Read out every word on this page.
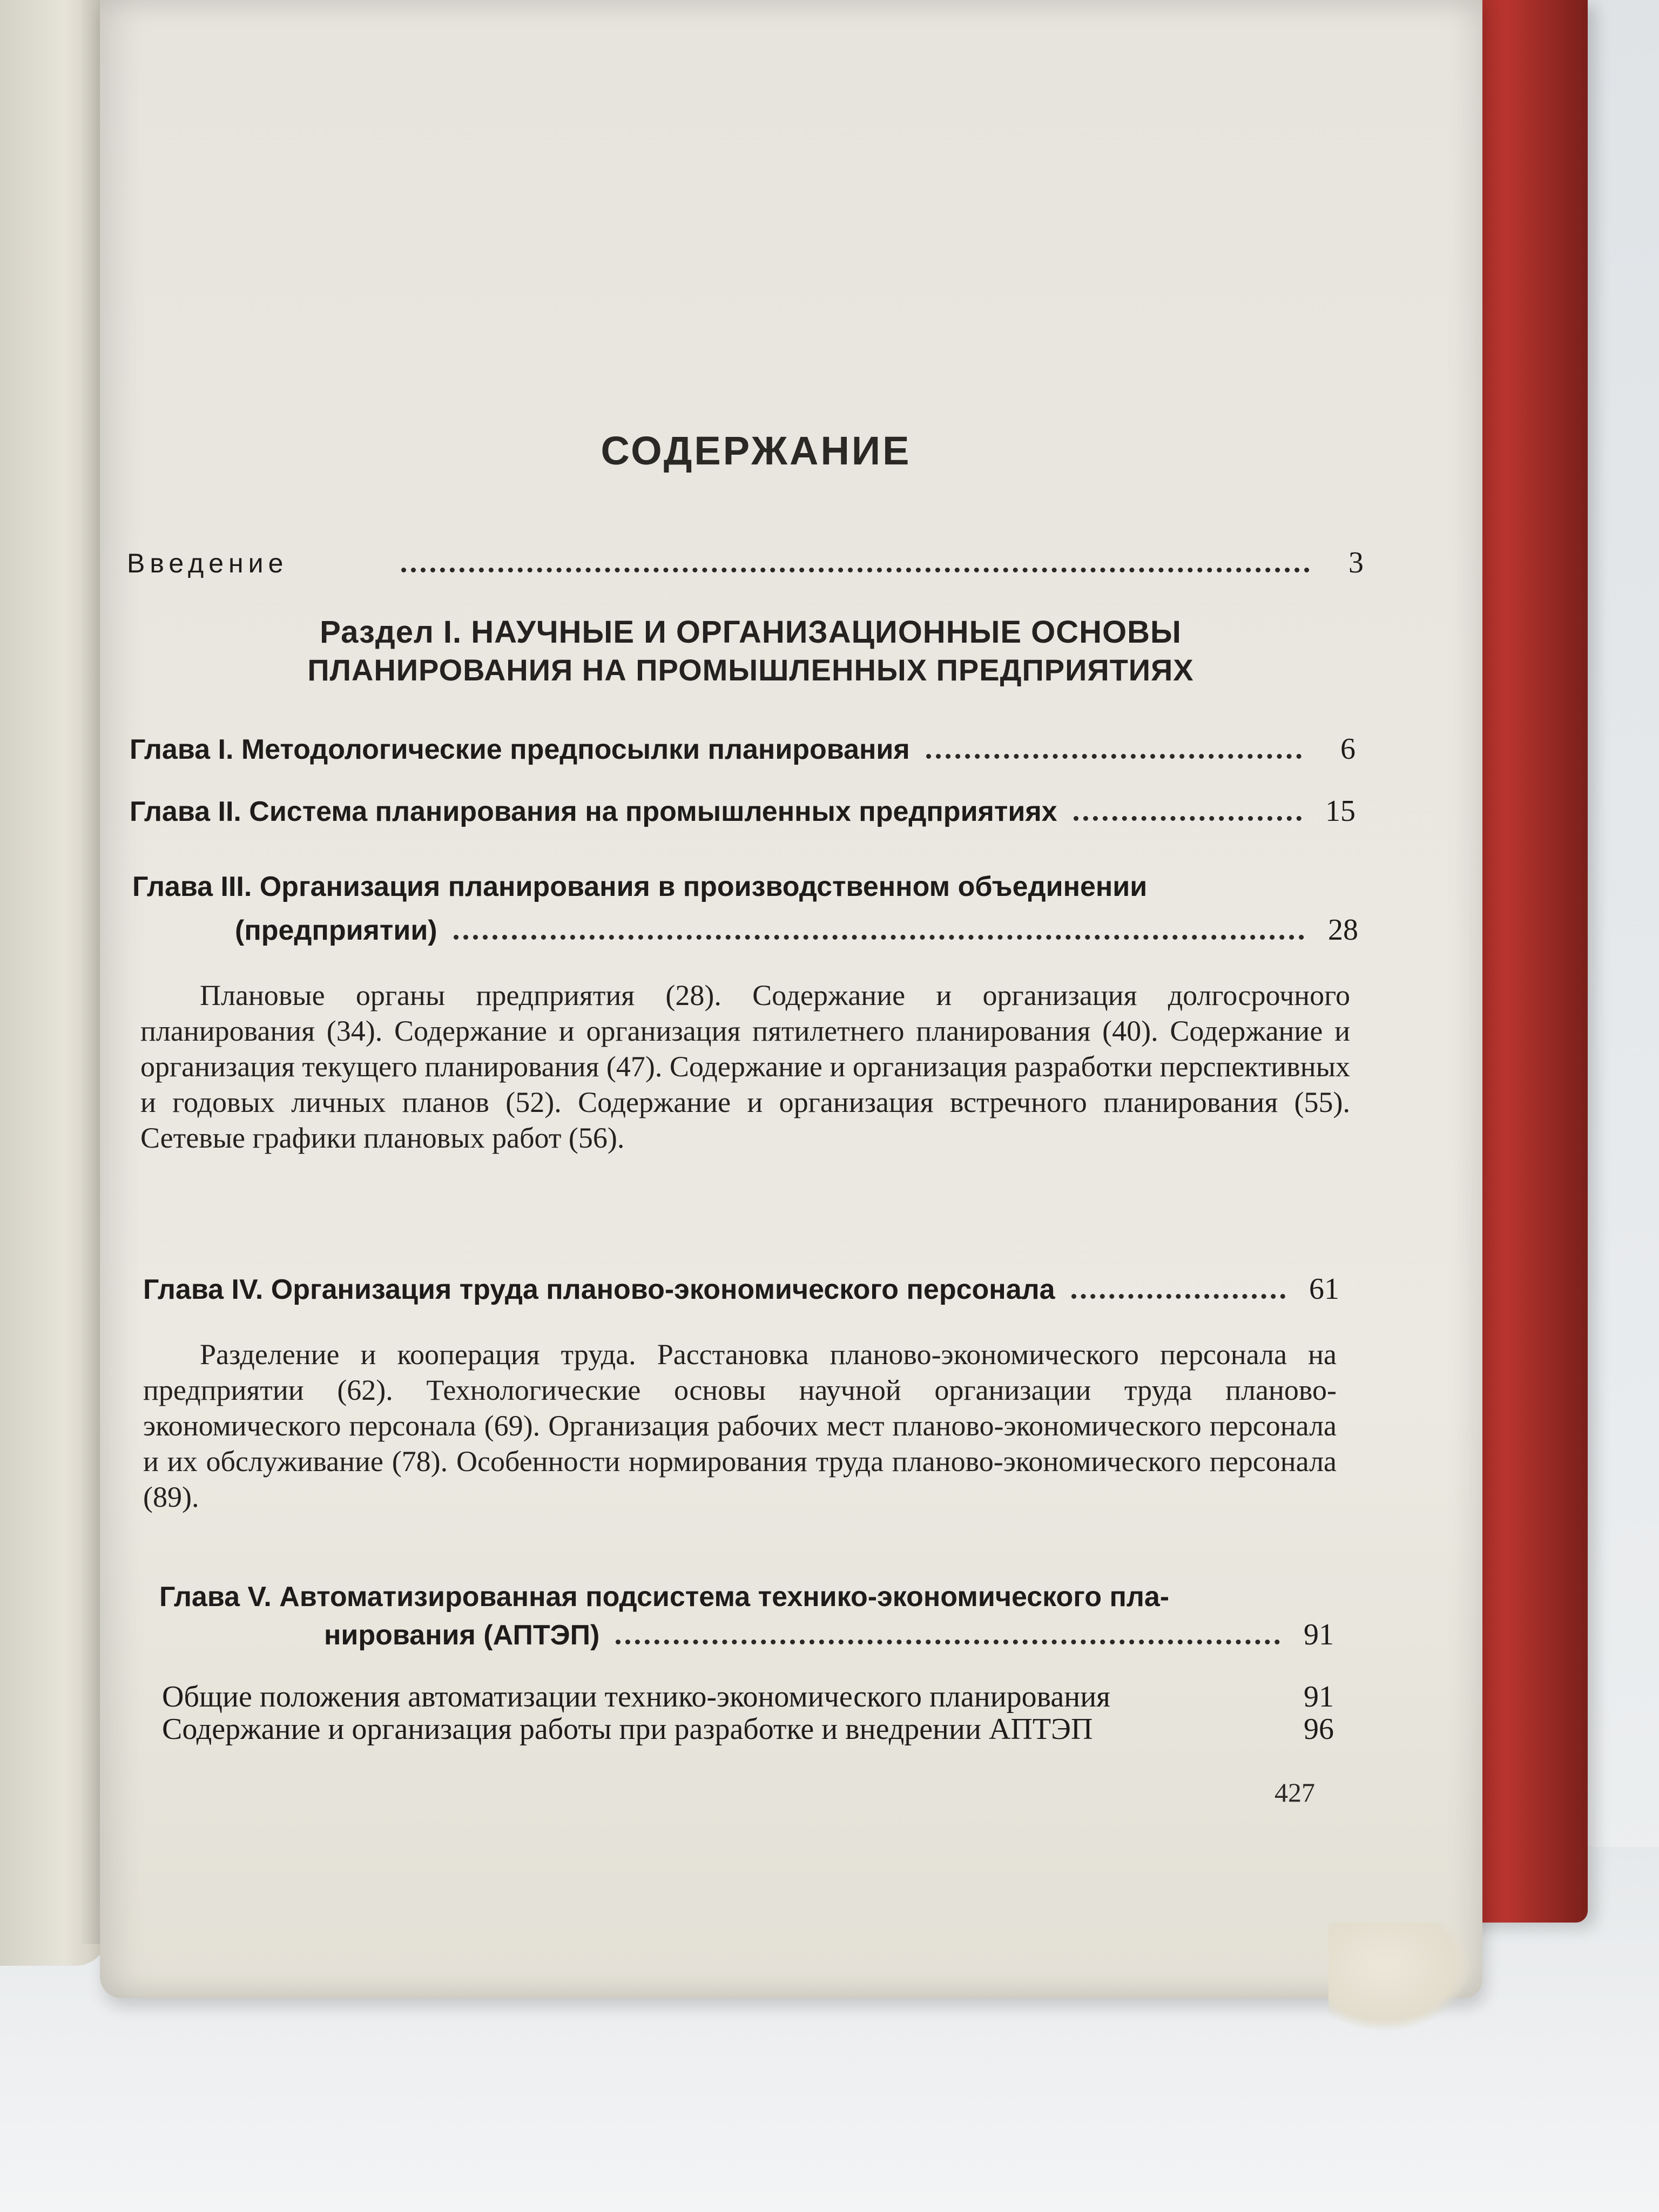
СОДЕРЖАНИЕ
Введение	3
Раздел I. НАУЧНЫЕ И ОРГАНИЗАЦИОННЫЕ ОСНОВЫ
ПЛАНИРОВАНИЯ НА ПРОМЫШЛЕННЫХ ПРЕДПРИЯТИЯХ
Глава I. Методологические предпосылки планирования	6
Глава II. Система планирования на промышленных предприятиях	15
Глава III. Организация планирования в производственном объединении
(предприятии)	28
Плановые органы предприятия (28). Содержание и организация долгосрочного планирования (34). Содержание и организация пятилетнего планирования (40). Содержание и организация текущего планирования (47). Содержание и организация разработки перспективных и годовых личных планов (52). Содержание и организация встречного планирования (55). Сетевые графики плановых работ (56).
Глава IV. Организация труда планово-экономического персонала	61
Разделение и кооперация труда. Расстановка планово-экономического персонала на предприятии (62). Технологические основы научной организации труда планово-экономического персонала (69). Организация рабочих мест планово-экономического персонала и их обслуживание (78). Особенности нормирования труда планово-экономического персонала (89).
Глава V. Автоматизированная подсистема технико-экономического пла-
нирования (АПТЭП)	91
Общие положения автоматизации технико-экономического планирования	91
Содержание и организация работы при разработке и внедрении АПТЭП	96
427
